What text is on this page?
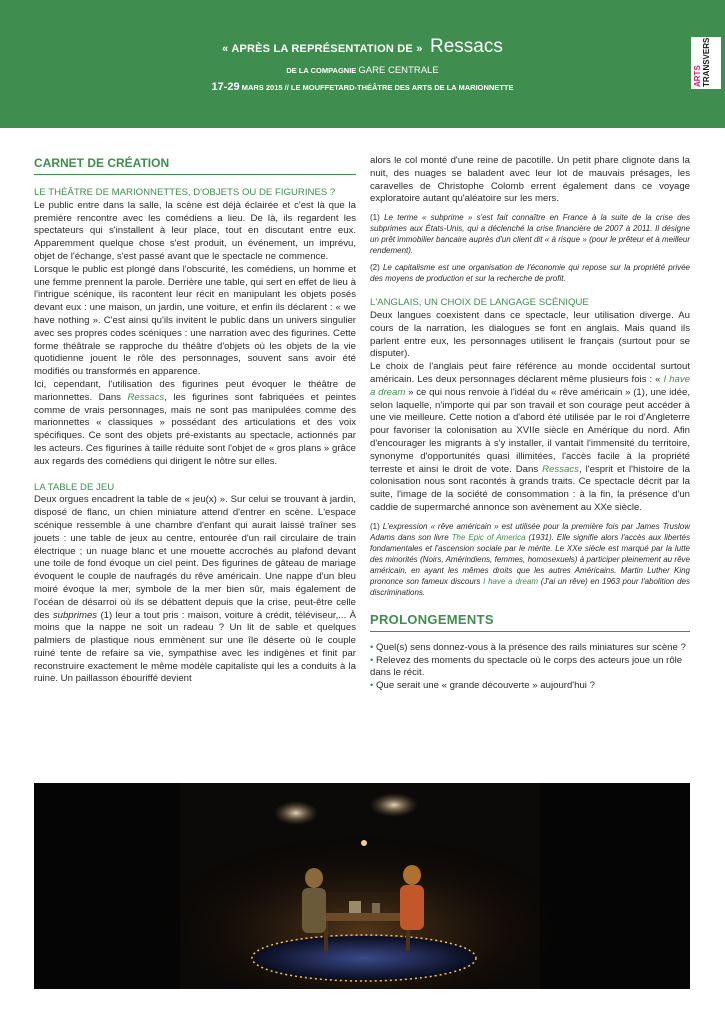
« APRÈS LA REPRÉSENTATION DE » Ressacs
DE LA COMPAGNIE GARE CENTRALE
17-29 MARS 2015 // LE MOUFFETARD-THÉÂTRE DES ARTS DE LA MARIONNETTE
ARTS TRANSVERS
CARNET DE CRÉATION

LE THÉÂTRE DE MARIONNETTES, D'OBJETS OU DE FIGURINES ?

Le public entre dans la salle, la scène est déjà éclairée et c'est là que la première rencontre avec les comédiens a lieu. De là, ils regardent les spectateurs qui s'installent à leur place, tout en discutant entre eux. Apparemment quelque chose s'est produit, un événement, un imprévu, objet de l'échange, s'est passé avant que le spectacle ne commence.

Lorsque le public est plongé dans l'obscurité, les comédiens, un homme et une femme prennent la parole. Derrière une table, qui sert en effet de lieu à l'intrigue scénique, ils racontent leur récit en manipulant les objets posés devant eux : une maison, un jardin, une voiture, et enfin ils déclarent : « we have nothing ». C'est ainsi qu'ils invitent le public dans un univers singulier avec ses propres codes scéniques : une narration avec des figurines. Cette forme théâtrale se rapproche du théâtre d'objets où les objets de la vie quotidienne jouent le rôle des personnages, souvent sans avoir été modifiés ou transformés en apparence.

Ici, cependant, l'utilisation des figurines peut évoquer le théâtre de marionnettes. Dans Ressacs, les figurines sont fabriquées et peintes comme de vrais personnages, mais ne sont pas manipulées comme des marionnettes « classiques » possédant des articulations et des voix spécifiques. Ce sont des objets pré-existants au spectacle, actionnés par les acteurs. Ces figurines à taille réduite sont l'objet de « gros plans » grâce aux regards des comédiens qui dirigent le nôtre sur elles.

LA TABLE DE JEU

Deux orgues encadrent la table de « jeu(x) ». Sur celui se trouvant à jardin, disposé de flanc, un chien miniature attend d'entrer en scène. L'espace scénique ressemble à une chambre d'enfant qui aurait laissé traîner ses jouets : une table de jeux au centre, entourée d'un rail circulaire de train électrique ; un nuage blanc et une mouette accrochés au plafond devant une toile de fond évoque un ciel peint. Des figurines de gâteau de mariage évoquent le couple de naufragés du rêve américain. Une nappe d'un bleu moiré évoque la mer, symbole de la mer bien sûr, mais également de l'océan de désarroi où ils se débattent depuis que la crise, peut-être celle des subprimes (1) leur a tout pris : maison, voiture à crédit, téléviseur,... À moins que la nappe ne soit un radeau ? Un lit de sable et quelques palmiers de plastique nous emmènent sur une île déserte où le couple ruiné tente de refaire sa vie, sympathise avec les indigènes et finit par reconstruire exactement le même modèle capitaliste qui les a conduits à la ruine. Un paillasson ébouriffé devient

alors le col monté d'une reine de pacotille. Un petit phare clignote dans la nuit, des nuages se baladent avec leur lot de mauvais présages, les caravelles de Christophe Colomb errent également dans ce voyage exploratoire autant qu'aléatoire sur les mers.

(1) Le terme « subprime » s'est fait connaître en France à la suite de la crise des subprimes aux États-Unis, qui a déclenché la crise financière de 2007 à 2011. Il désigne un prêt immobilier bancaire auprès d'un client dit « à risque » (pour le prêteur et à meilleur rendement).

(2) Le capitalisme est une organisation de l'économie qui repose sur la propriété privée des moyens de production et sur la recherche de profit.

L'ANGLAIS, UN CHOIX DE LANGAGE SCÉNIQUE

Deux langues coexistent dans ce spectacle, leur utilisation diverge. Au cours de la narration, les dialogues se font en anglais. Mais quand ils parlent entre eux, les personnages utilisent le français (surtout pour se disputer).

Le choix de l'anglais peut faire référence au monde occidental surtout américain. Les deux personnages déclarent même plusieurs fois : « I have a dream » ce qui nous renvoie à l'idéal du « rêve américain » (1), une idée, selon laquelle, n'importe qui par son travail et son courage peut accéder à une vie meilleure. Cette notion a d'abord été utilisée par le roi d'Angleterre pour favoriser la colonisation au XVIIe siècle en Amérique du nord. Afin d'encourager les migrants à s'y installer, il vantait l'immensité du territoire, synonyme d'opportunités quasi illimitées, l'accès facile à la propriété terreste et ainsi le droit de vote. Dans Ressacs, l'esprit et l'histoire de la colonisation nous sont racontés à grands traits. Ce spectacle décrit par la suite, l'image de la société de consommation : à la fin, la présence d'un caddie de supermarché annonce son avènement au XXe siècle.

(1) L'expression « rêve américain » est utilisée pour la première fois par James Truslow Adams dans son livre The Epic of America (1931). Elle signifie alors l'accès aux libertés fondamentales et l'ascension sociale par le mérite. Le XXe siècle est marqué par la lutte des minorités (Noirs, Amérindiens, femmes, homosexuels) à participer pleinement au rêve américain, en ayant les mêmes droits que les autres Américains. Martin Luther King prononce son fameux discours I have a dream (J'ai un rêve) en 1963 pour l'abolition des discriminations.

PROLONGEMENTS

• Quel(s) sens donnez-vous à la présence des rails miniatures sur scène ?

• Relevez des moments du spectacle où le corps des acteurs joue un rôle dans le récit.

• Que serait une « grande découverte » aujourd'hui ?
